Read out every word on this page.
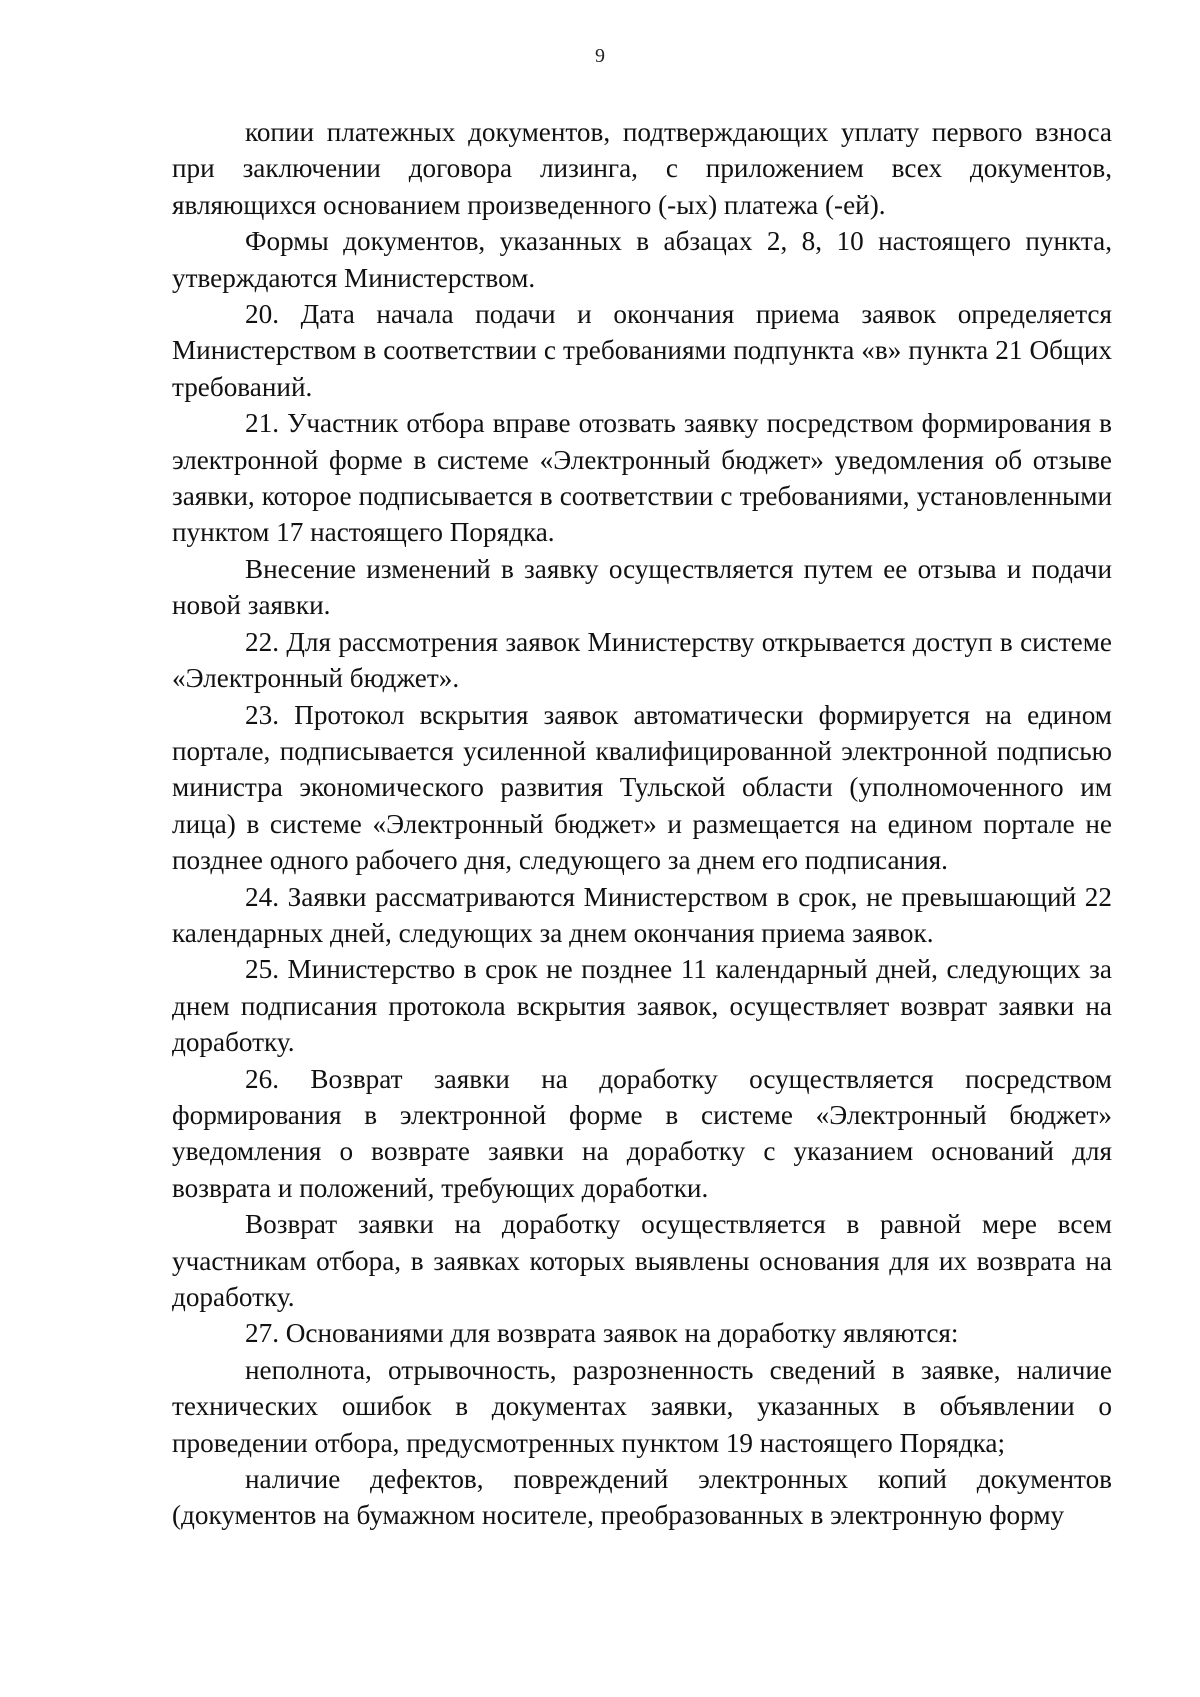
9

копии платежных документов, подтверждающих уплату первого взноса при заключении договора лизинга, с приложением всех документов, являющихся основанием произведенного (-ых) платежа (-ей).

Формы документов, указанных в абзацах 2, 8, 10 настоящего пункта, утверждаются Министерством.

20. Дата начала подачи и окончания приема заявок определяется Министерством в соответствии с требованиями подпункта «в» пункта 21 Общих требований.

21. Участник отбора вправе отозвать заявку посредством формирования в электронной форме в системе «Электронный бюджет» уведомления об отзыве заявки, которое подписывается в соответствии с требованиями, установленными пунктом 17 настоящего Порядка.

Внесение изменений в заявку осуществляется путем ее отзыва и подачи новой заявки.

22. Для рассмотрения заявок Министерству открывается доступ в системе «Электронный бюджет».

23. Протокол вскрытия заявок автоматически формируется на едином портале, подписывается усиленной квалифицированной электронной подписью министра экономического развития Тульской области (уполномоченного им лица) в системе «Электронный бюджет» и размещается на едином портале не позднее одного рабочего дня, следующего за днем его подписания.

24. Заявки рассматриваются Министерством в срок, не превышающий 22 календарных дней, следующих за днем окончания приема заявок.

25. Министерство в срок не позднее 11 календарный дней, следующих за днем подписания протокола вскрытия заявок, осуществляет возврат заявки на доработку.

26. Возврат заявки на доработку осуществляется посредством формирования в электронной форме в системе «Электронный бюджет» уведомления о возврате заявки на доработку с указанием оснований для возврата и положений, требующих доработки.

Возврат заявки на доработку осуществляется в равной мере всем участникам отбора, в заявках которых выявлены основания для их возврата на доработку.

27. Основаниями для возврата заявок на доработку являются:

неполнота, отрывочность, разрозненность сведений в заявке, наличие технических ошибок в документах заявки, указанных в объявлении о проведении отбора, предусмотренных пунктом 19 настоящего Порядка;

наличие дефектов, повреждений электронных копий документов (документов на бумажном носителе, преобразованных в электронную форму
